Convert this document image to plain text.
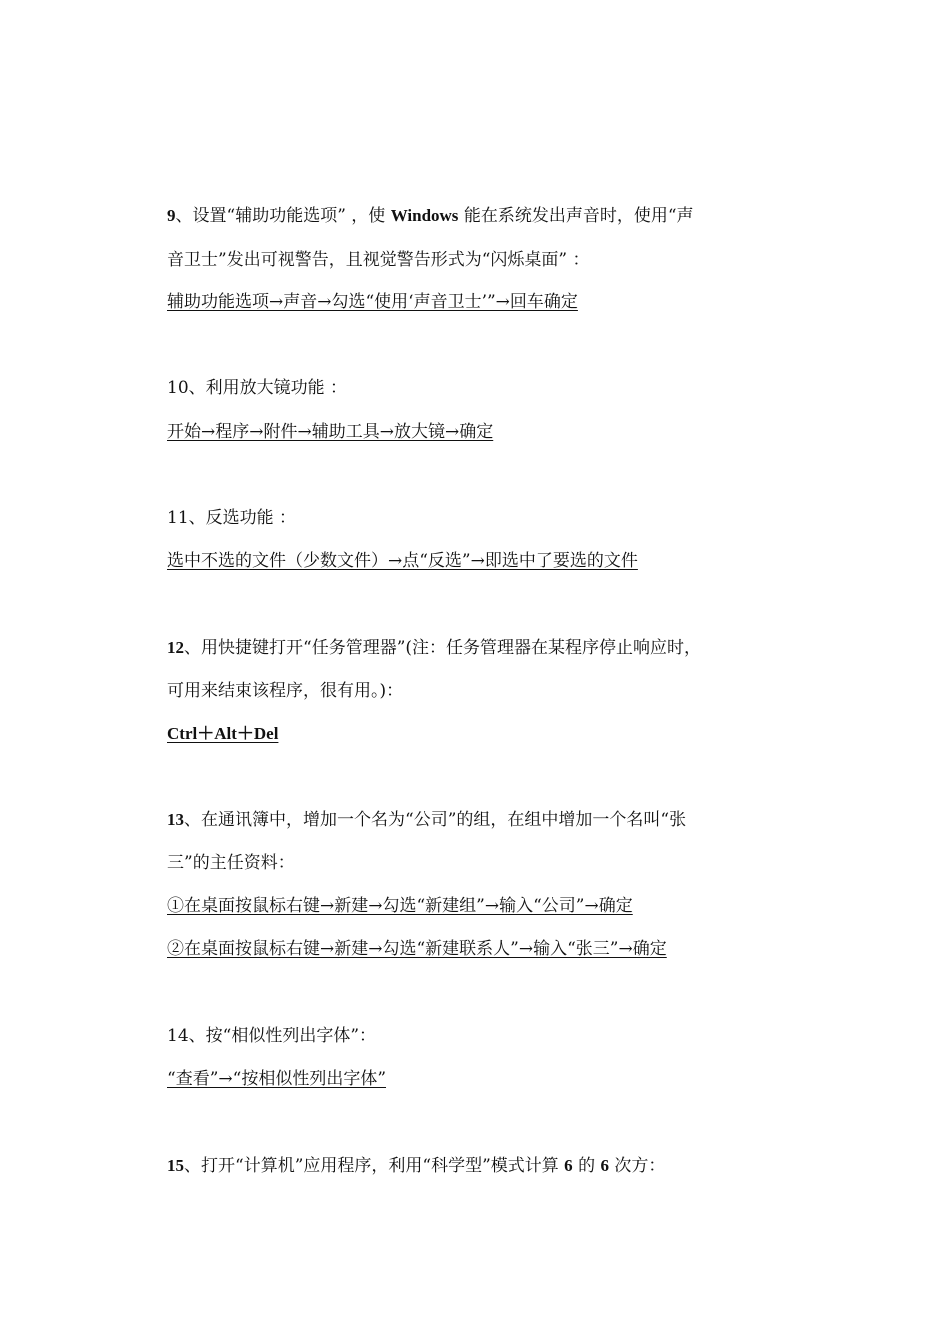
9、设置“辅助功能选项” ，使 Windows 能在系统发出声音时，使用“声
音卫士”发出可视警告，且视觉警告形式为“闪烁桌面” ：
辅助功能选项→声音→勾选“使用‘声音卫士’”→回车确定
10、利用放大镜功能 ：
开始→程序→附件→辅助工具→放大镜→确定
11、反选功能 ：
选中不选的文件（少数文件）→点“反选”→即选中了要选的文件
12、用快捷键打开“任务管理器”(注：任务管理器在某程序停止响应时，
可用来结束该程序，很有用。)：
Ctrl＋Alt＋Del
13、在通讯簿中，增加一个名为“公司”的组，在组中增加一个名叫“张
三”的主任资料：
①在桌面按鼠标右键→新建→勾选“新建组”→输入“公司”→确定
②在桌面按鼠标右键→新建→勾选“新建联系人”→输入“张三”→确定
14、按“相似性列出字体”：
“查看”→“按相似性列出字体”
15、打开“计算机”应用程序，利用“科学型”模式计算 6 的 6 次方：
